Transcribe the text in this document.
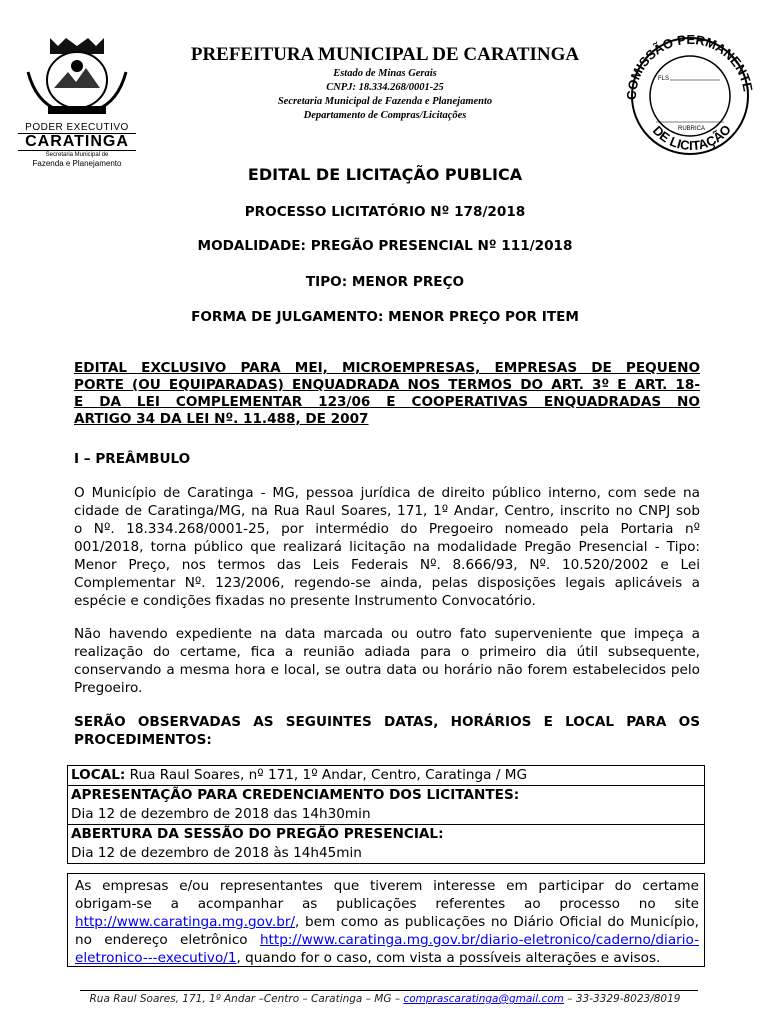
PODER EXECUTIVO
CARATINGA
Secretaria Municipal de
Fazenda e Planejamento
PREFEITURA MUNICIPAL DE CARATINGA
Estado de Minas Gerais
CNPJ: 18.334.268/0001-25
Secretaria Municipal de Fazenda e Planejamento
Departamento de Compras/Licitações
COMISSÃO PERMANENTE
DE LICITAÇÃO
FLS
RUBRICA
EDITAL DE LICITAÇÃO PUBLICA
PROCESSO LICITATÓRIO Nº 178/2018
MODALIDADE: PREGÃO PRESENCIAL Nº 111/2018
TIPO: MENOR PREÇO
FORMA DE JULGAMENTO: MENOR PREÇO POR ITEM
EDITAL EXCLUSIVO PARA MEI, MICROEMPRESAS, EMPRESAS DE PEQUENO
PORTE (OU EQUIPARADAS) ENQUADRADA NOS TERMOS DO ART. 3º E ART. 18-
E DA LEI COMPLEMENTAR 123/06 E COOPERATIVAS ENQUADRADAS NO
ARTIGO 34 DA LEI Nº. 11.488, DE 2007
I – PREÂMBULO
O Município de Caratinga - MG, pessoa jurídica de direito público interno, com sede na
cidade de Caratinga/MG, na Rua Raul Soares, 171, 1º Andar, Centro, inscrito no CNPJ sob
o Nº. 18.334.268/0001-25, por intermédio do Pregoeiro nomeado pela Portaria nº
001/2018, torna público que realizará licitação na modalidade Pregão Presencial - Tipo:
Menor Preço, nos termos das Leis Federais Nº. 8.666/93, Nº. 10.520/2002 e Lei
Complementar Nº. 123/2006, regendo-se ainda, pelas disposições legais aplicáveis a
espécie e condições fixadas no presente Instrumento Convocatório.
Não havendo expediente na data marcada ou outro fato superveniente que impeça a
realização do certame, fica a reunião adiada para o primeiro dia útil subsequente,
conservando a mesma hora e local, se outra data ou horário não forem estabelecidos pelo
Pregoeiro.
SERÃO OBSERVADAS AS SEGUINTES DATAS, HORÁRIOS E LOCAL PARA OS
PROCEDIMENTOS:
LOCAL: Rua Raul Soares, nº 171, 1º Andar, Centro, Caratinga / MG
APRESENTAÇÃO PARA CREDENCIAMENTO DOS LICITANTES:
Dia 12 de dezembro de 2018 das 14h30min
ABERTURA DA SESSÃO DO PREGÃO PRESENCIAL:
Dia 12 de dezembro de 2018 às 14h45min
As empresas e/ou representantes que tiverem interesse em participar do certame
obrigam-se a acompanhar as publicações referentes ao processo no site
http://www.caratinga.mg.gov.br/, bem como as publicações no Diário Oficial do Município,
no endereço eletrônico http://www.caratinga.mg.gov.br/diario-eletronico/caderno/diario-
eletronico---executivo/1, quando for o caso, com vista a possíveis alterações e avisos.
Rua Raul Soares, 171, 1º Andar –Centro – Caratinga – MG – comprascaratinga@gmail.com – 33-3329-8023/8019
